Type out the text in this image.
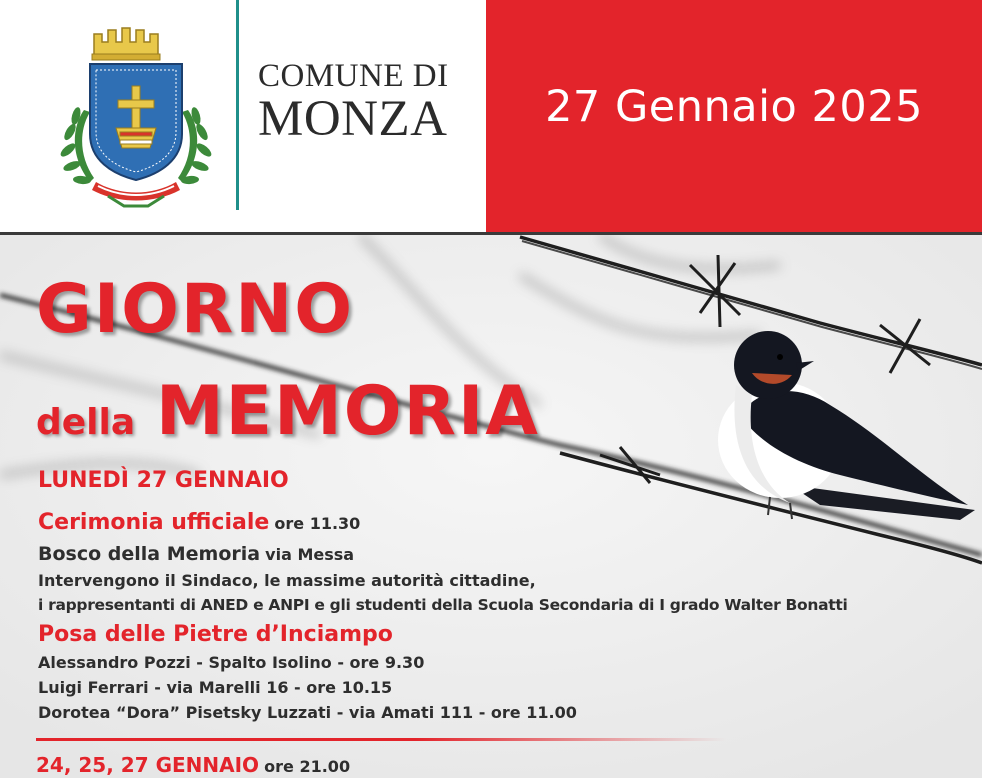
COMUNE DI
MONZA	27 Gennaio 2025
GIORNO
della MEMORIA
LUNEDÌ 27 GENNAIO
Cerimonia ufficiale ore 11.30
Bosco della Memoria via Messa
Intervengono il Sindaco, le massime autorità cittadine,
i rappresentanti di ANED e ANPI e gli studenti della Scuola Secondaria di I grado Walter Bonatti
Posa delle Pietre d’Inciampo
Alessandro Pozzi - Spalto Isolino - ore 9.30
Luigi Ferrari - via Marelli 16 - ore 10.15
Dorotea “Dora” Pisetsky Luzzati - via Amati 111 - ore 11.00
24, 25, 27 GENNAIO ore 21.00
